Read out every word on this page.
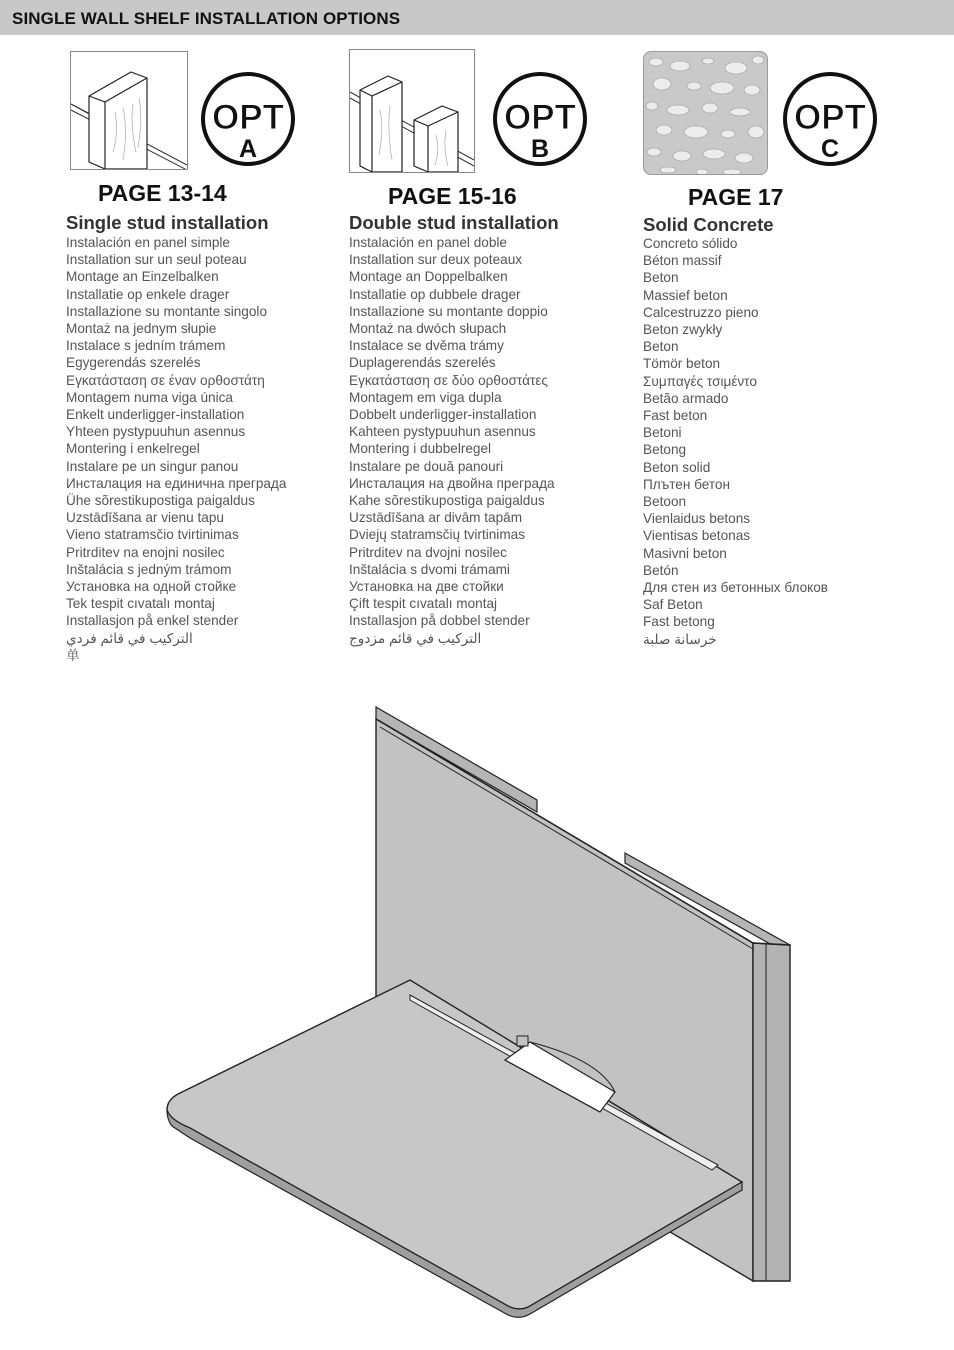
SINGLE WALL SHELF INSTALLATION OPTIONS
OPT
A
PAGE 13-14
Single stud installation
Instalación en panel simple
Installation sur un seul poteau
Montage an Einzelbalken
Installatie op enkele drager
Installazione su montante singolo
Montaż na jednym słupie
Instalace s jedním trámem
Egygerendás szerelés
Εγκατάσταση σε έναν ορθοστάτη
Montagem numa viga única
Enkelt underligger-installation
Yhteen pystypuuhun asennus
Montering i enkelregel
Instalare pe un singur panou
Инсталация на единична преграда
Ühe sõrestikupostiga paigaldus
Uzstādīšana ar vienu tapu
Vieno statramsčio tvirtinimas
Pritrditev na enojni nosilec
Inštalácia s jedným trámom
Установка на одной стойке
Tek tespit cıvatalı montaj
Installasjon på enkel stender
التركيب في قائم فردي
单
OPT
B
PAGE 15-16
Double stud installation
Instalación en panel doble
Installation sur deux poteaux
Montage an Doppelbalken
Installatie op dubbele drager
Installazione su montante doppio
Montaż na dwóch słupach
Instalace se dvěma trámy
Duplagerendás szerelés
Εγκατάσταση σε δύο ορθοστάτες
Montagem em viga dupla
Dobbelt underligger-installation
Kahteen pystypuuhun asennus
Montering i dubbelregel
Instalare pe două panouri
Инсталация на двойна преграда
Kahe sõrestikupostiga paigaldus
Uzstādīšana ar divām tapām
Dviejų statramsčių tvirtinimas
Pritrditev na dvojni nosilec
Inštalácia s dvomi trámami
Установка на две стойки
Çift tespit cıvatalı montaj
Installasjon på dobbel stender
التركيب في قائم مزدوج
OPT
C
PAGE 17
Solid Concrete
Concreto sólido
Béton massif
Beton
Massief beton
Calcestruzzo pieno
Beton zwykły
Beton
Tömör beton
Συμπαγές τσιμέντο
Betão armado
Fast beton
Betoni
Betong
Beton solid
Плътен бетон
Betoon
Vienlaidus betons
Vientisas betonas
Masivni beton
Betón
Для стен из бетонных блоков
Saf Beton
Fast betong
خرسانة صلبة
